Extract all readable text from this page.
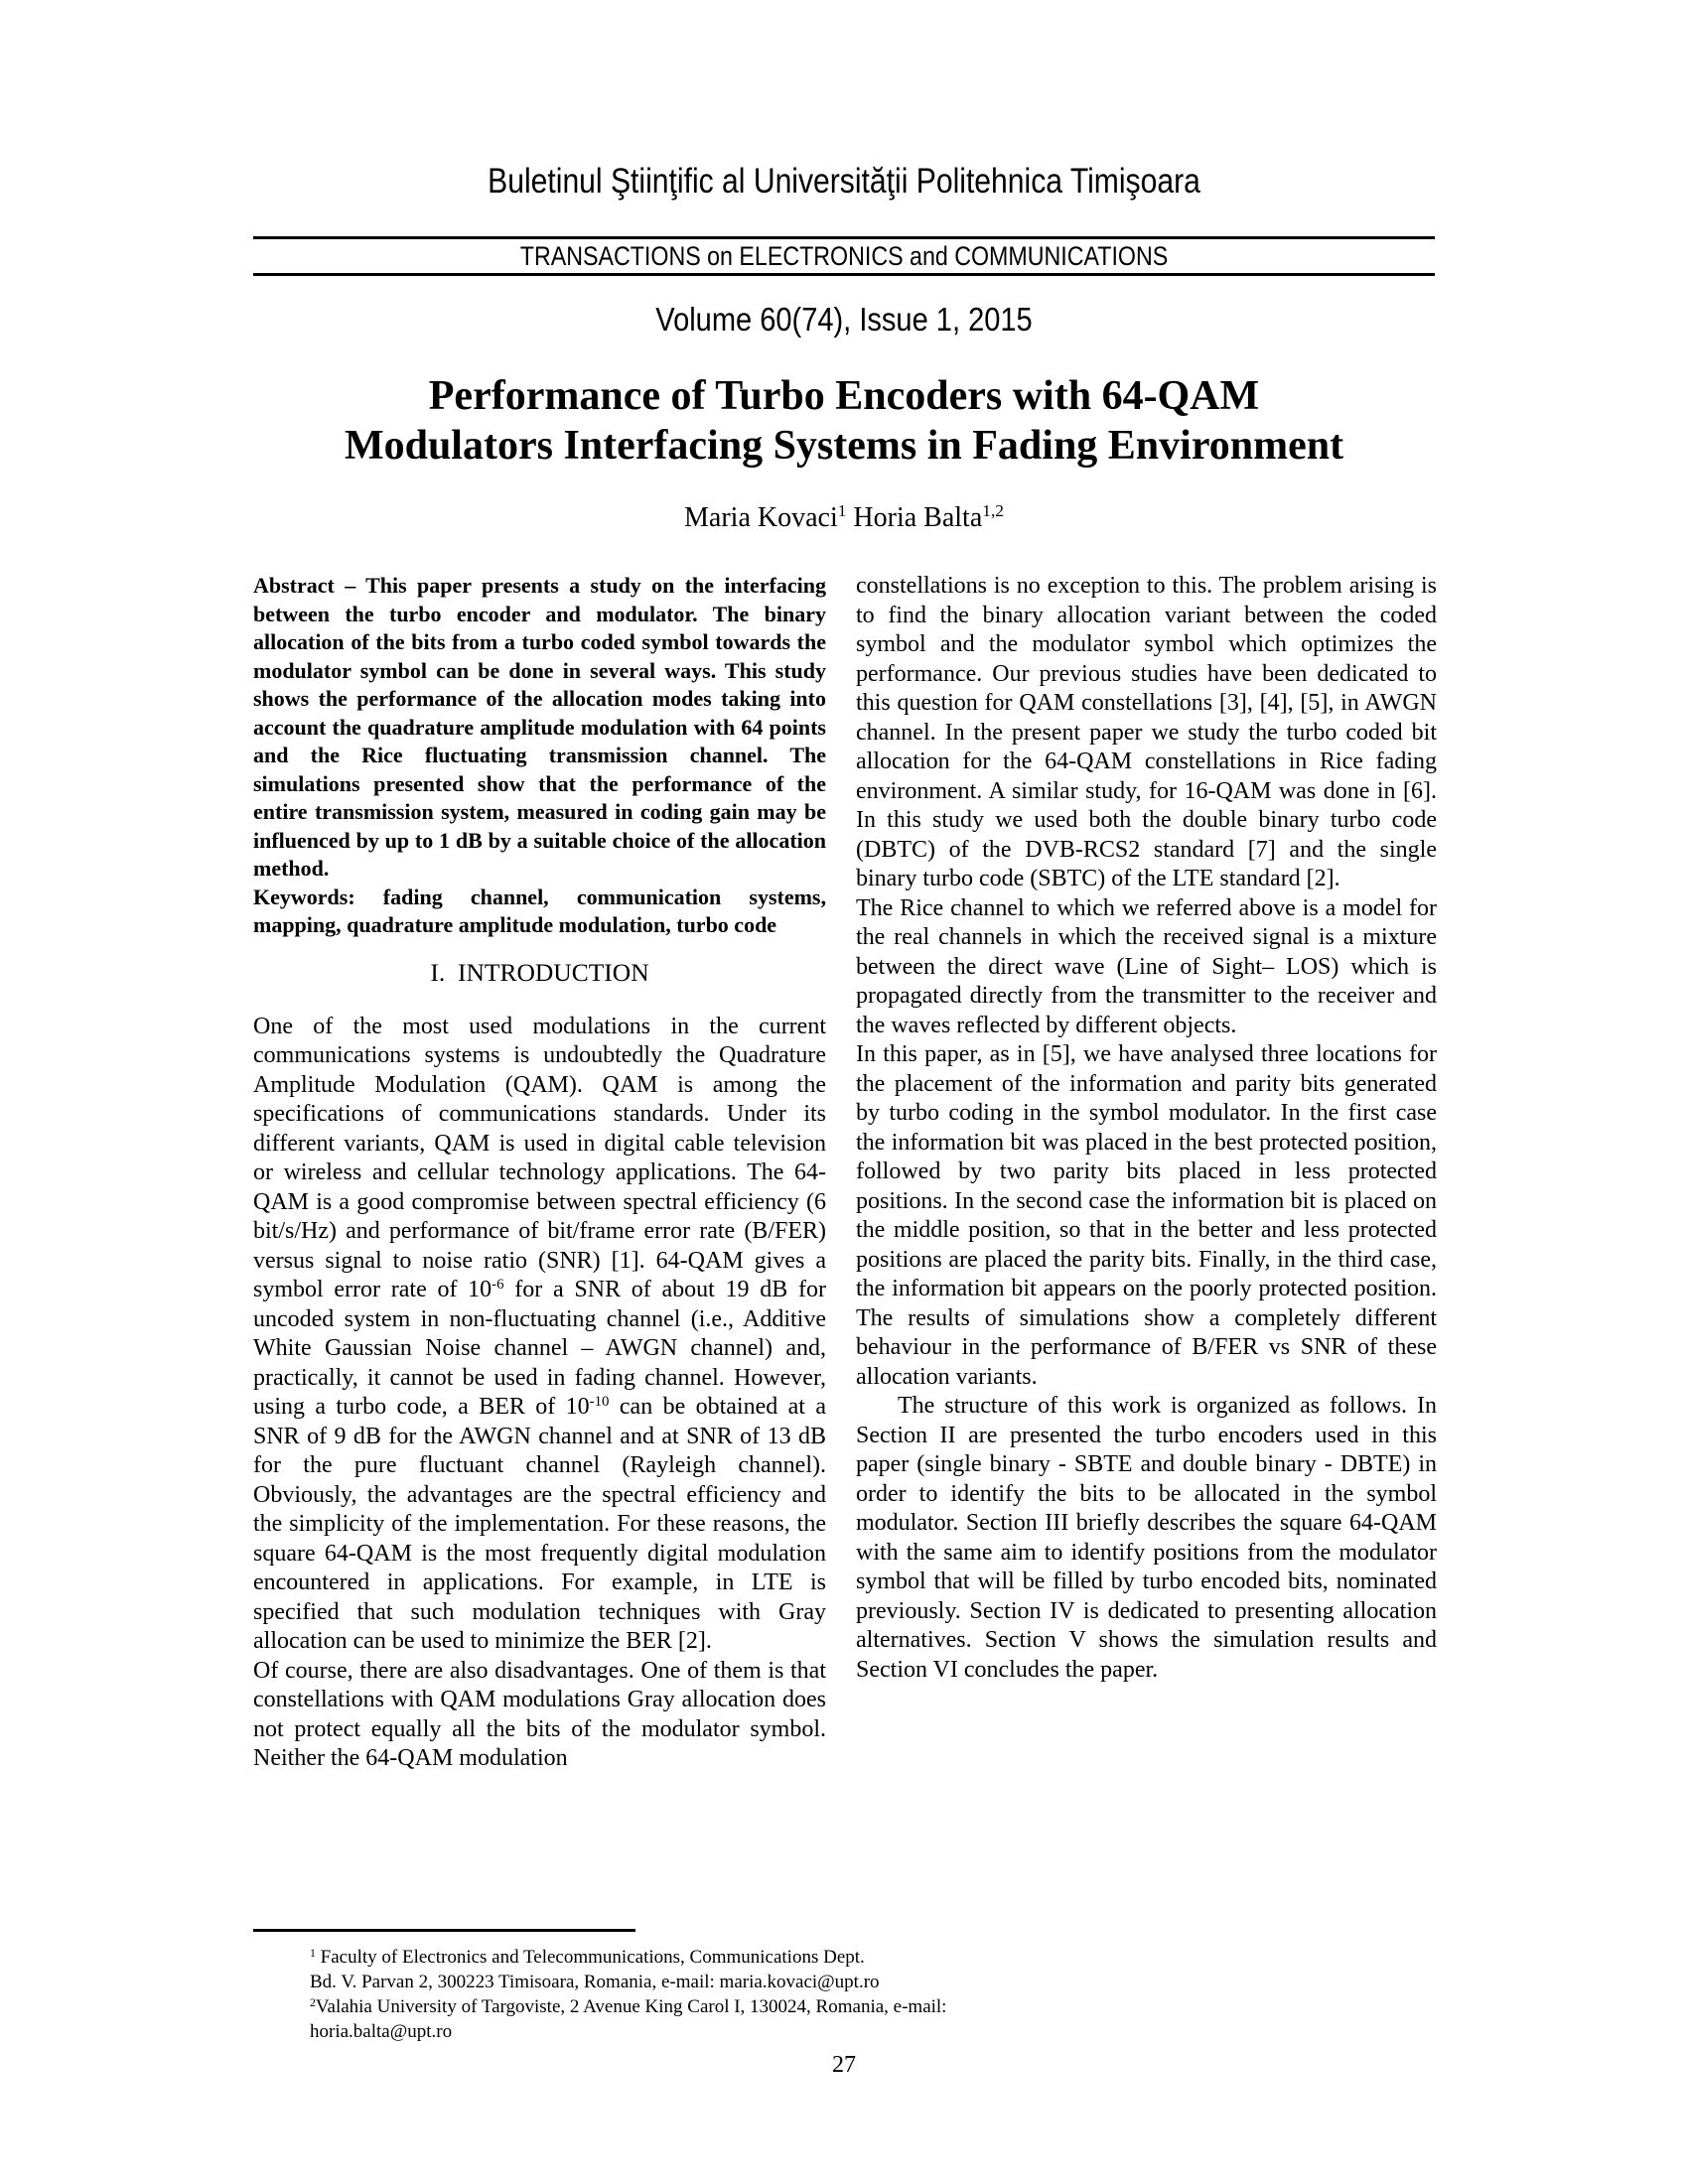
Buletinul Ştiinţific al Universităţii Politehnica Timişoara
TRANSACTIONS on ELECTRONICS and COMMUNICATIONS
Volume 60(74), Issue 1, 2015
Performance of Turbo Encoders with 64-QAM
Modulators Interfacing Systems in Fading Environment
Maria Kovaci$^1$ Horia Balta$^{1,2}$

Abstract – This paper presents a study on the interfacing between the turbo encoder and modulator. The binary allocation of the bits from a turbo coded symbol towards the modulator symbol can be done in several ways. This study shows the performance of the allocation modes taking into account the quadrature amplitude modulation with 64 points and the Rice fluctuating transmission channel. The simulations presented show that the performance of the entire transmission system, measured in coding gain may be influenced by up to 1 dB by a suitable choice of the allocation method.

Keywords: fading channel, communication systems, mapping, quadrature amplitude modulation, turbo code

I. INTRODUCTION

One of the most used modulations in the current communications systems is undoubtedly the Quadrature Amplitude Modulation (QAM). QAM is among the specifications of communications standards. Under its different variants, QAM is used in digital cable television or wireless and cellular technology applications. The 64-QAM is a good compromise between spectral efficiency (6 bit/s/Hz) and performance of bit/frame error rate (B/FER) versus signal to noise ratio (SNR) [1]. 64-QAM gives a symbol error rate of $10^{-6}$ for a SNR of about 19 dB for uncoded system in non-fluctuating channel (i.e., Additive White Gaussian Noise channel – AWGN channel) and, practically, it cannot be used in fading channel. However, using a turbo code, a BER of $10^{-10}$ can be obtained at a SNR of 9 dB for the AWGN channel and at SNR of 13 dB for the pure fluctuant channel (Rayleigh channel). Obviously, the advantages are the spectral efficiency and the simplicity of the implementation. For these reasons, the square 64-QAM is the most frequently digital modulation encountered in applications. For example, in LTE is specified that such modulation techniques with Gray allocation can be used to minimize the BER [2].

Of course, there are also disadvantages. One of them is that constellations with QAM modulations Gray allocation does not protect equally all the bits of the modulator symbol. Neither the 64-QAM modulation

constellations is no exception to this. The problem arising is to find the binary allocation variant between the coded symbol and the modulator symbol which optimizes the performance. Our previous studies have been dedicated to this question for QAM constellations [3], [4], [5], in AWGN channel. In the present paper we study the turbo coded bit allocation for the 64-QAM constellations in Rice fading environment. A similar study, for 16-QAM was done in [6]. In this study we used both the double binary turbo code (DBTC) of the DVB-RCS2 standard [7] and the single binary turbo code (SBTC) of the LTE standard [2].

The Rice channel to which we referred above is a model for the real channels in which the received signal is a mixture between the direct wave (Line of Sight– LOS) which is propagated directly from the transmitter to the receiver and the waves reflected by different objects.

In this paper, as in [5], we have analysed three locations for the placement of the information and parity bits generated by turbo coding in the symbol modulator. In the first case the information bit was placed in the best protected position, followed by two parity bits placed in less protected positions. In the second case the information bit is placed on the middle position, so that in the better and less protected positions are placed the parity bits. Finally, in the third case, the information bit appears on the poorly protected position. The results of simulations show a completely different behaviour in the performance of B/FER vs SNR of these allocation variants.

The structure of this work is organized as follows. In Section II are presented the turbo encoders used in this paper (single binary - SBTE and double binary - DBTE) in order to identify the bits to be allocated in the symbol modulator. Section III briefly describes the square 64-QAM with the same aim to identify positions from the modulator symbol that will be filled by turbo encoded bits, nominated previously. Section IV is dedicated to presenting allocation alternatives. Section V shows the simulation results and Section VI concludes the paper.

$^1$ Faculty of Electronics and Telecommunications, Communications Dept.

Bd. V. Parvan 2, 300223 Timisoara, Romania, e-mail: maria.kovaci@upt.ro

$^2$Valahia University of Targoviste, 2 Avenue King Carol I, 130024, Romania, e-mail: horia.balta@upt.ro

27
